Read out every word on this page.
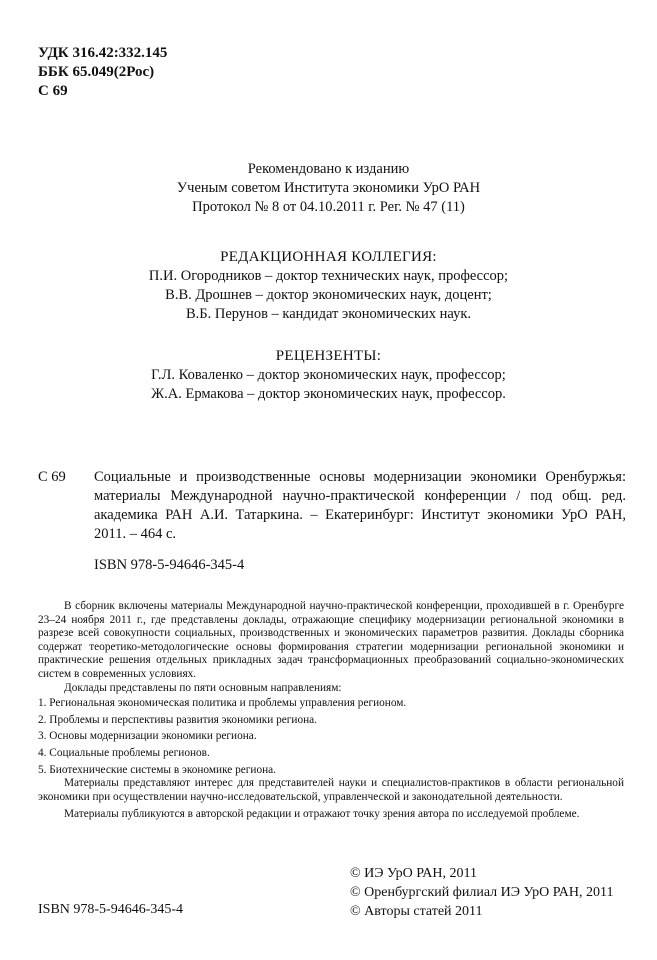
УДК 316.42:332.145
ББК 65.049(2Рос)
С 69
Рекомендовано к изданию
Ученым советом Института экономики УрО РАН
Протокол № 8 от 04.10.2011 г. Рег. № 47 (11)
РЕДАКЦИОННАЯ КОЛЛЕГИЯ:
П.И. Огородников – доктор технических наук, профессор;
В.В. Дрошнев – доктор экономических наук, доцент;
В.Б. Перунов – кандидат экономических наук.
РЕЦЕНЗЕНТЫ:
Г.Л. Коваленко – доктор экономических наук, профессор;
Ж.А. Ермакова – доктор экономических наук, профессор.
С 69 Социальные и производственные основы модернизации экономики Оренбуржья: материалы Международной научно-практической конференции / под общ. ред. академика РАН А.И. Татаркина. – Екатеринбург: Институт экономики УрО РАН, 2011. – 464 с.
ISBN 978-5-94646-345-4

В сборник включены материалы Международной научно-практической конференции, проходившей в г. Оренбурге 23–24 ноября 2011 г., где представлены доклады, отражающие специфику модернизации региональной экономики в разрезе всей совокупности социальных, производственных и экономических параметров развития. Доклады сборника содержат теоретико-методологические основы формирования стратегии модернизации региональной экономики и практические решения отдельных прикладных задач трансформационных преобразований социально-экономических систем в современных условиях.

Доклады представлены по пяти основным направлениям:

1. Региональная экономическая политика и проблемы управления регионом.
2. Проблемы и перспективы развития экономики региона.
3. Основы модернизации экономики региона.
4. Социальные проблемы регионов.
5. Биотехнические системы в экономике региона.

Материалы представляют интерес для представителей науки и специалистов-практиков в области региональной экономики при осуществлении научно-исследовательской, управленческой и законодательной деятельности.

Материалы публикуются в авторской редакции и отражают точку зрения автора по исследуемой проблеме.

© ИЭ УрО РАН, 2011
© Оренбургский филиал ИЭ УрО РАН, 2011
© Авторы статей 2011
ISBN 978-5-94646-345-4
